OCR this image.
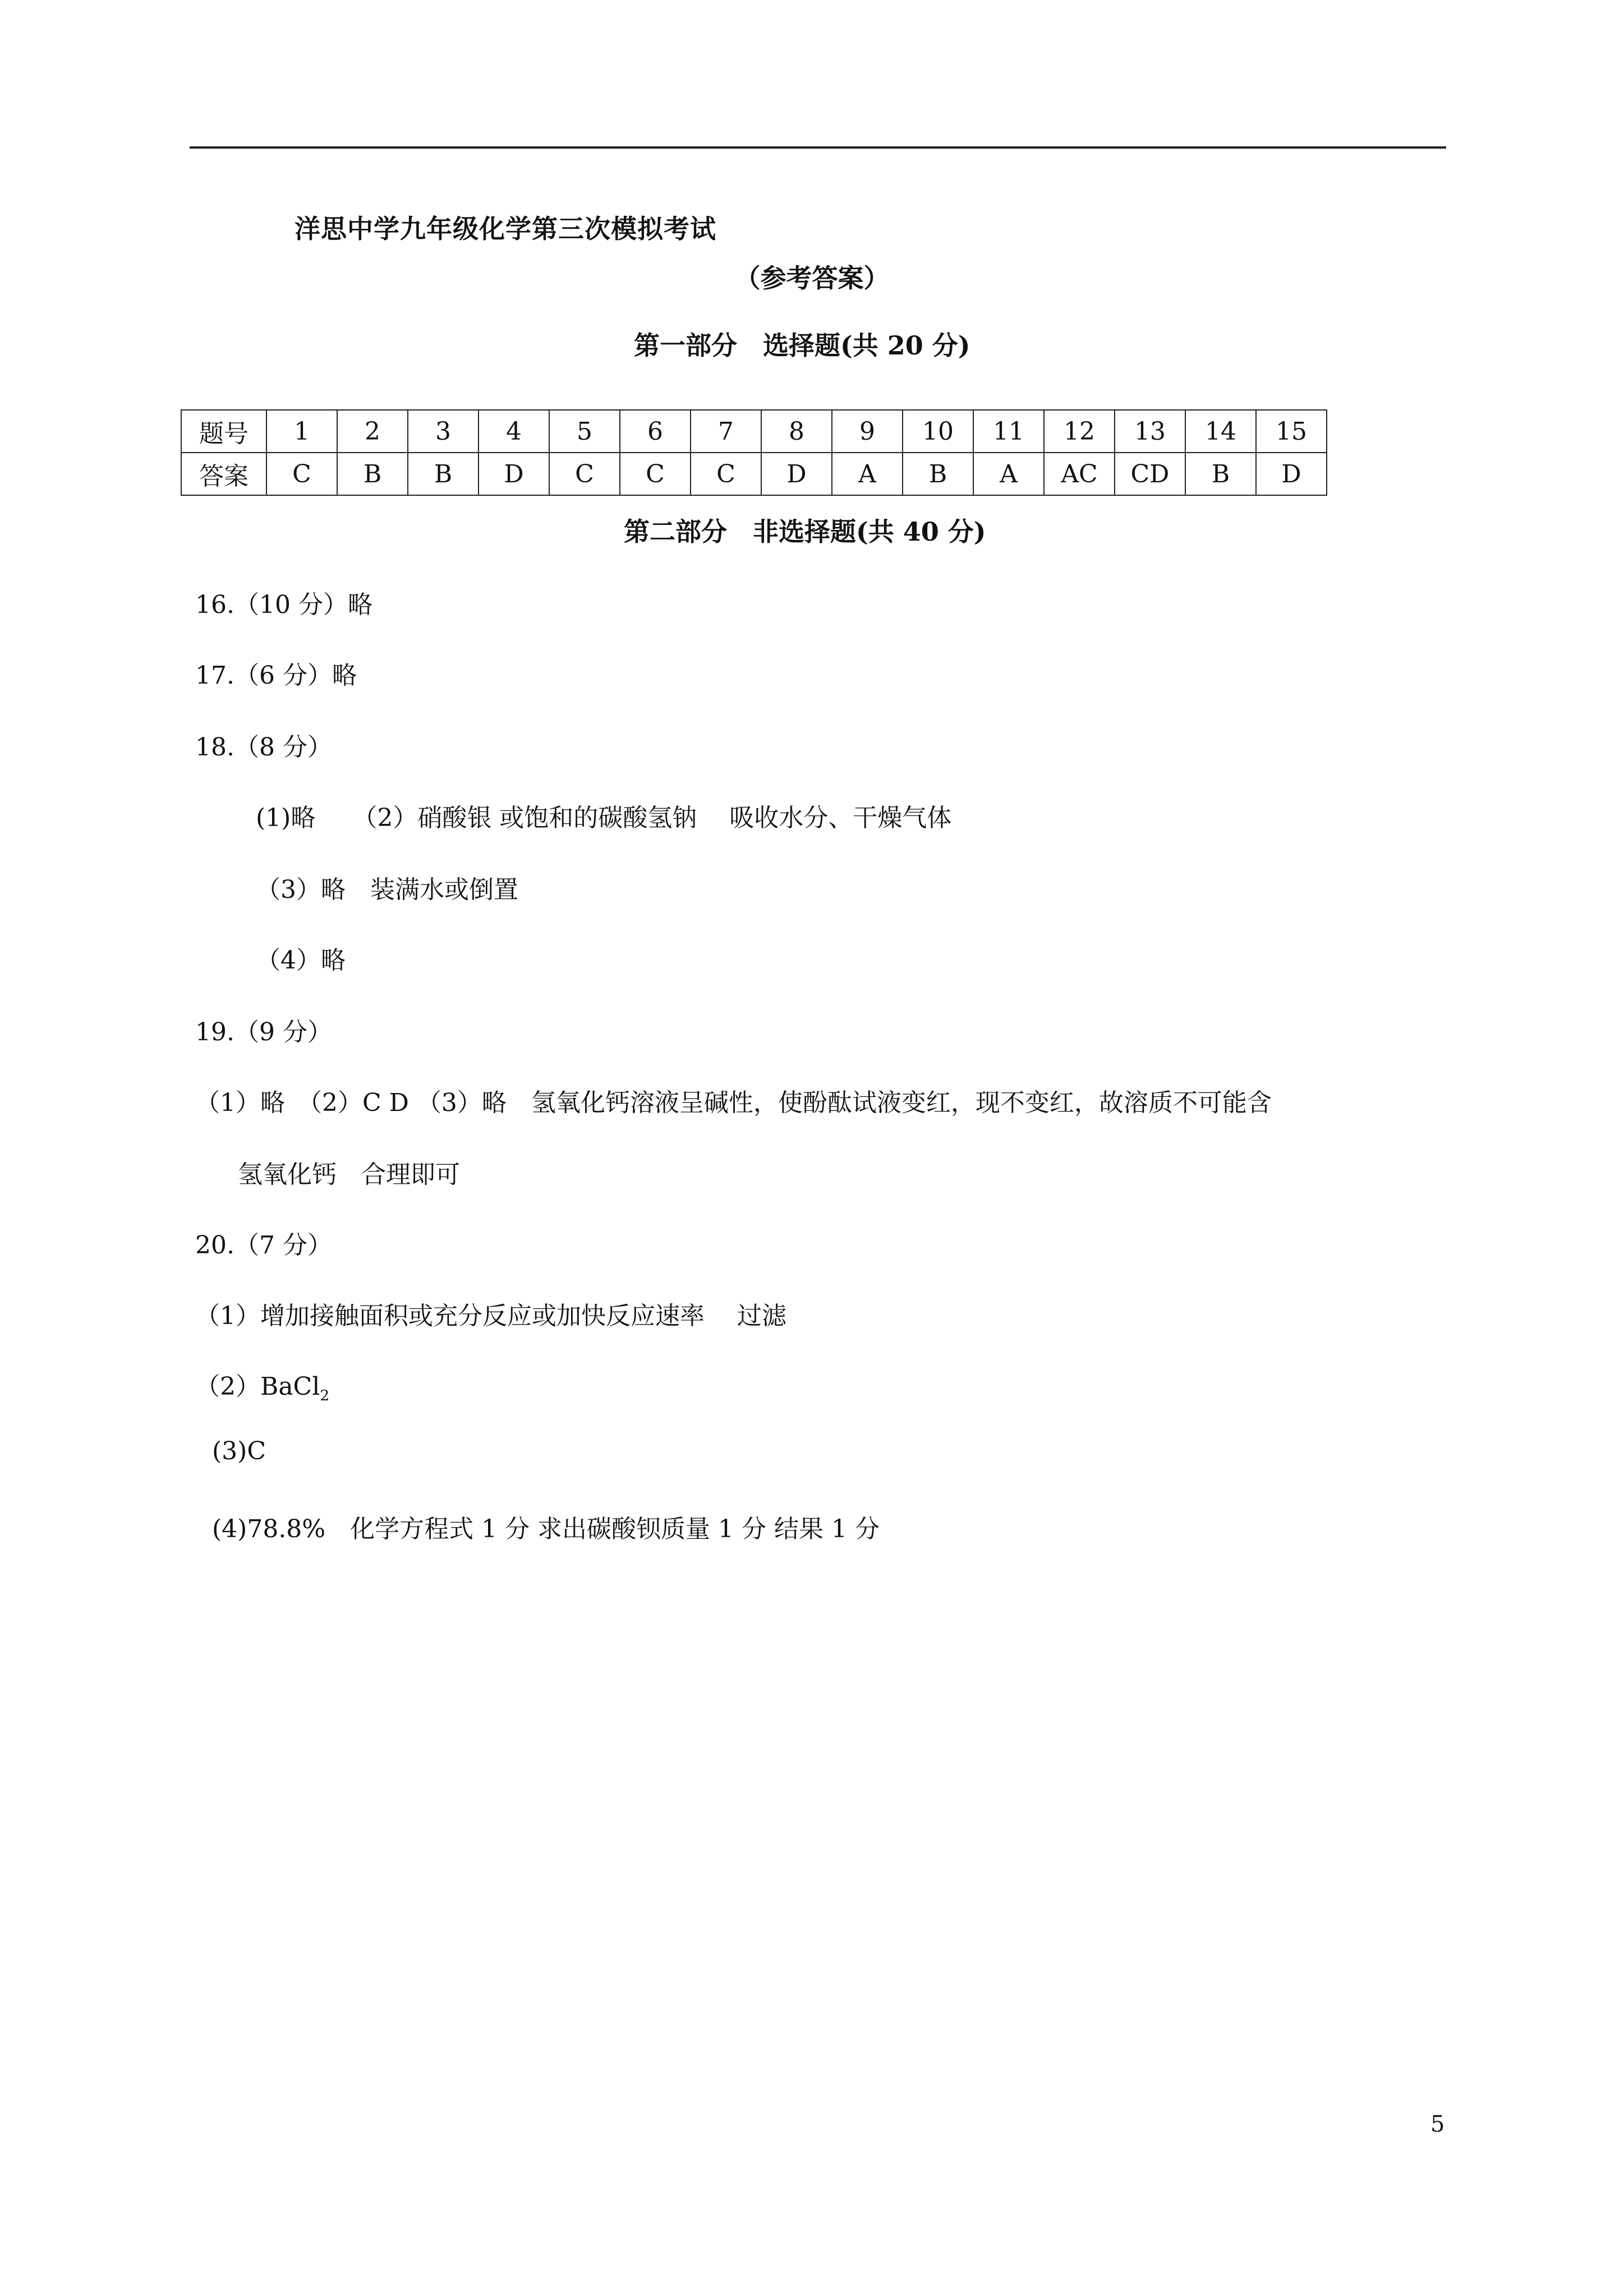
洋思中学九年级化学第三次模拟考试
（参考答案）
第一部分　选择题(共 20 分)
题号	1	2	3	4	5	6	7	8	9	10	11	12	13	14	15
答案	C	B	B	D	C	C	C	D	A	B	A	AC	CD	B	D
第二部分　非选择题(共 40 分)
16.（10 分）略
17.（6 分）略
18.（8 分）
(1)略　　（2）硝酸银 或饱和的碳酸氢钠　 吸收水分、干燥气体
（3）略　装满水或倒置
（4）略
19.（9 分）
（1）略　（2）C D （3）略　氢氧化钙溶液呈碱性，使酚酞试液变红，现不变红，故溶质不可能含
氢氧化钙　合理即可
20.（7 分）
（1）增加接触面积或充分反应或加快反应速率　 过滤
（2）BaCl$_2$
(3)C
(4)78.8%　化学方程式 1 分 求出碳酸钡质量 1 分 结果 1 分
5
